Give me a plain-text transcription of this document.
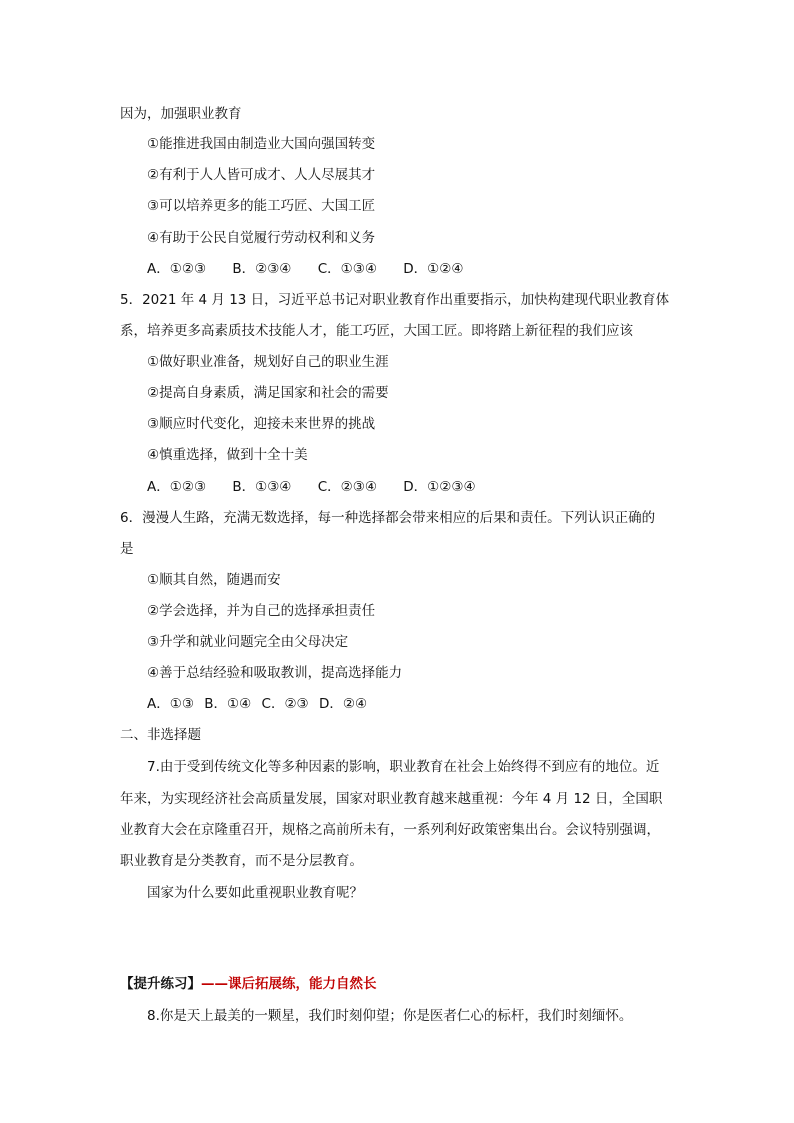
因为，加强职业教育
①能推进我国由制造业大国向强国转变
②有利于人人皆可成才、人人尽展其才
③可以培养更多的能工巧匠、大国工匠
④有助于公民自觉履行劳动权利和义务
A．①②③ B．②③④ C．①③④ D．①②④
5．2021 年 4 月 13 日，习近平总书记对职业教育作出重要指示，加快构建现代职业教育体
系，培养更多高素质技术技能人才，能工巧匠，大国工匠。即将踏上新征程的我们应该
①做好职业准备，规划好自己的职业生涯
②提高自身素质，满足国家和社会的需要
③顺应时代变化，迎接未来世界的挑战
④慎重选择，做到十全十美
A．①②③ B．①③④ C．②③④ D．①②③④
6．漫漫人生路，充满无数选择，每一种选择都会带来相应的后果和责任。下列认识正确的
是
①顺其自然，随遇而安
②学会选择，并为自己的选择承担责任
③升学和就业问题完全由父母决定
④善于总结经验和吸取教训，提高选择能力
A．①③ B．①④ C．②③ D．②④
二、非选择题
7.由于受到传统文化等多种因素的影响，职业教育在社会上始终得不到应有的地位。近
年来，为实现经济社会高质量发展，国家对职业教育越来越重视：今年 4 月 12 日，全国职
业教育大会在京隆重召开，规格之高前所未有，一系列利好政策密集出台。会议特别强调，
职业教育是分类教育，而不是分层教育。
国家为什么要如此重视职业教育呢？
【提升练习】——课后拓展练，能力自然长
8.你是天上最美的一颗星，我们时刻仰望；你是医者仁心的标杆，我们时刻缅怀。
